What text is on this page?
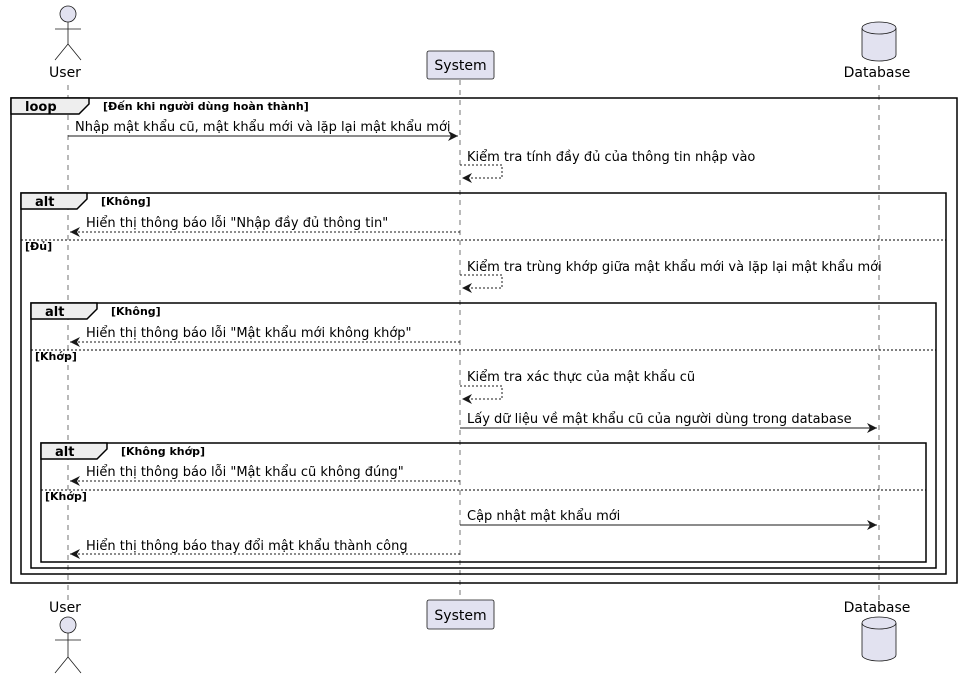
User	System	Database
loop	[Đến khi người dùng hoàn thành]
Nhập mật khẩu cũ, mật khẩu mới và lặp lại mật khẩu mới
Kiểm tra tính đầy đủ của thông tin nhập vào
alt	[Không]
Hiển thị thông báo lỗi "Nhập đầy đủ thông tin"
[Đủ]
Kiểm tra trùng khớp giữa mật khẩu mới và lặp lại mật khẩu mới
alt	[Không]
Hiển thị thông báo lỗi "Mật khẩu mới không khớp"
[Khớp]
Kiểm tra xác thực của mật khẩu cũ
Lấy dữ liệu về mật khẩu cũ của người dùng trong database
alt	[Không khớp]
Hiển thị thông báo lỗi "Mật khẩu cũ không đúng"
[Khớp]
Cập nhật mật khẩu mới
Hiển thị thông báo thay đổi mật khẩu thành công
User	System	Database
